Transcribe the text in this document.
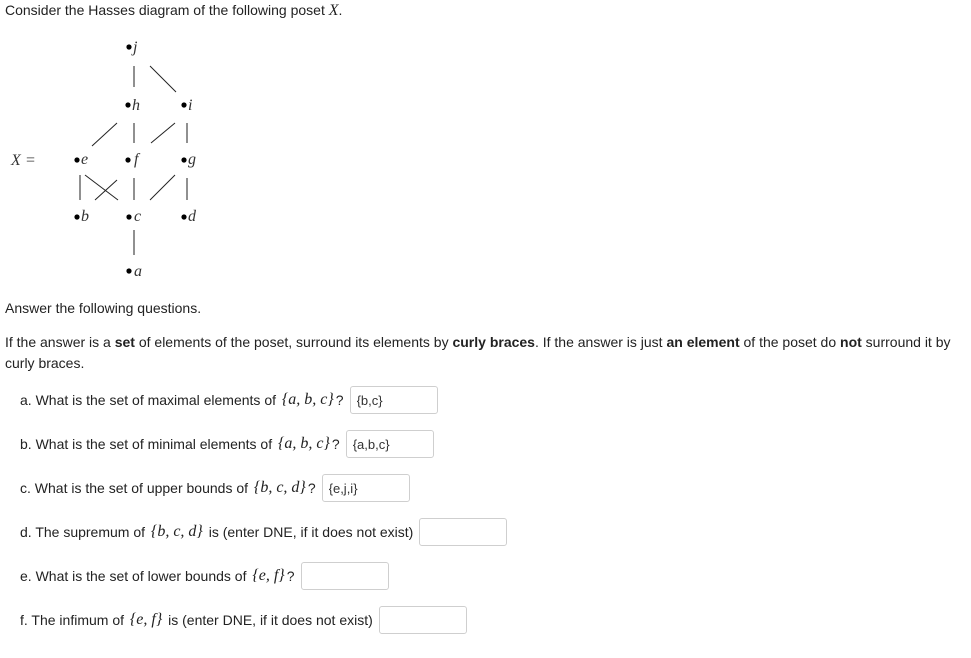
Consider the Hasses diagram of the following poset X.
X =
j
h	i
e	f	g
b	c	d
a
Answer the following questions.
If the answer is a set of elements of the poset, surround its elements by curly braces. If the answer is just an element of the poset do not surround it by curly braces.
a. What is the set of maximal elements of
{a, b, c} ?
{b,c}
b. What is the set of minimal elements of
{a, b, c} ?
{a,b,c}
c. What is the set of upper bounds of
{b, c, d} ?
{e,j,i}
d. The supremum of
{b, c, d}
is (enter DNE, if it does not exist)
e. What is the set of lower bounds of
{e, f} ?
f. The infimum of
{e, f}
is (enter DNE, if it does not exist)
